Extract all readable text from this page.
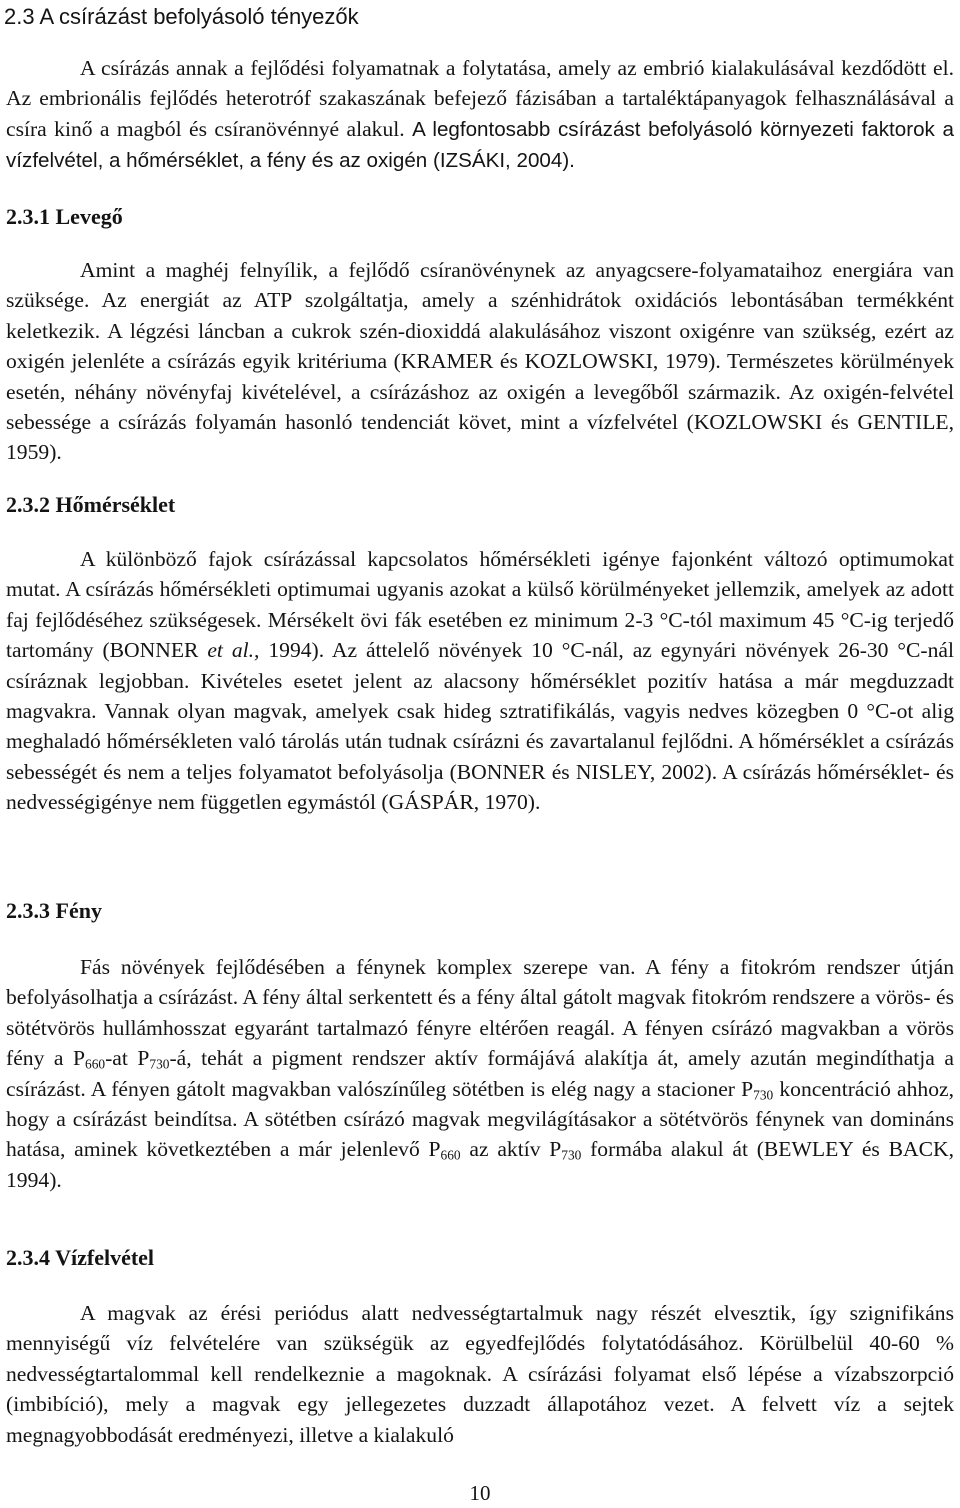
2.3 A csírázást befolyásoló tényezők

A csírázás annak a fejlődési folyamatnak a folytatása, amely az embrió kialakulásával kezdődött el. Az embrionális fejlődés heterotróf szakaszának befejező fázisában a tartaléktápanyagok felhasználásával a csíra kinő a magból és csíranövénnyé alakul. A legfontosabb csírázást befolyásoló környezeti faktorok a vízfelvétel, a hőmérséklet, a fény és az oxigén (IZSÁKI, 2004).

2.3.1 Levegő

Amint a maghéj felnyílik, a fejlődő csíranövénynek az anyagcsere-folyamataihoz energiára van szüksége. Az energiát az ATP szolgáltatja, amely a szénhidrátok oxidációs lebontásában termékként keletkezik. A légzési láncban a cukrok szén-dioxiddá alakulásához viszont oxigénre van szükség, ezért az oxigén jelenléte a csírázás egyik kritériuma (KRAMER és KOZLOWSKI, 1979). Természetes körülmények esetén, néhány növényfaj kivételével, a csírázáshoz az oxigén a levegőből származik. Az oxigén-felvétel sebessége a csírázás folyamán hasonló tendenciát követ, mint a vízfelvétel (KOZLOWSKI és GENTILE, 1959).

2.3.2 Hőmérséklet

A különböző fajok csírázással kapcsolatos hőmérsékleti igénye fajonként változó optimumokat mutat. A csírázás hőmérsékleti optimumai ugyanis azokat a külső körülményeket jellemzik, amelyek az adott faj fejlődéséhez szükségesek. Mérsékelt övi fák esetében ez minimum 2-3 °C-tól maximum 45 °C-ig terjedő tartomány (BONNER et al., 1994). Az áttelelő növények 10 °C-nál, az egynyári növények 26-30 °C-nál csíráznak legjobban. Kivételes esetet jelent az alacsony hőmérséklet pozitív hatása a már megduzzadt magvakra. Vannak olyan magvak, amelyek csak hideg sztratifikálás, vagyis nedves közegben 0 °C-ot alig meghaladó hőmérsékleten való tárolás után tudnak csírázni és zavartalanul fejlődni. A hőmérséklet a csírázás sebességét és nem a teljes folyamatot befolyásolja (BONNER és NISLEY, 2002). A csírázás hőmérséklet- és nedvességigénye nem független egymástól (GÁSPÁR, 1970).

2.3.3 Fény

Fás növények fejlődésében a fénynek komplex szerepe van. A fény a fitokróm rendszer útján befolyásolhatja a csírázást. A fény által serkentett és a fény által gátolt magvak fitokróm rendszere a vörös- és sötétvörös hullámhosszat egyaránt tartalmazó fényre eltérően reagál. A fényen csírázó magvakban a vörös fény a $P_{660}-at$ $P_{730}-á$, tehát a pigment rendszer aktív formájává alakítja át, amely azután megindíthatja a csírázást. A fényen gátolt magvakban valószínűleg sötétben is elég nagy a stacioner $P_{730}$ koncentráció ahhoz, hogy a csírázást beindítsa. A sötétben csírázó magvak megvilágításakor a sötétvörös fénynek van domináns hatása, aminek következtében a már jelenlevő $P_{660}$ az aktív $P_{730}$ formába alakul át (BEWLEY és BACK, 1994).

2.3.4 Vízfelvétel

A magvak az érési periódus alatt nedvességtartalmuk nagy részét elvesztik, így szignifikáns mennyiségű víz felvételére van szükségük az egyedfejlődés folytatódásához. Körülbelül 40-60 % nedvességtartalommal kell rendelkeznie a magoknak. A csírázási folyamat első lépése a vízabszorpció (imbibíció), mely a magvak egy jellegezetes duzzadt állapotához vezet. A felvett víz a sejtek megnagyobbodását eredményezi, illetve a kialakuló

10
